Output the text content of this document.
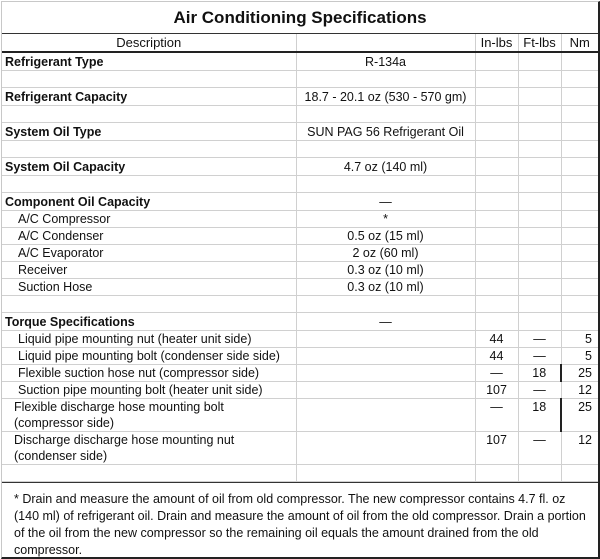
Air Conditioning Specifications
Description		In-lbs	Ft-lbs	Nm
Refrigerant Type	R-134a			

Refrigerant Capacity	18.7 - 20.1 oz (530 - 570 gm)			

System Oil Type	SUN PAG 56 Refrigerant Oil			

System Oil Capacity	4.7 oz (140 ml)			

Component Oil Capacity	—			
A/C Compressor	*			
A/C Condenser	0.5 oz (15 ml)			
A/C Evaporator	2 oz (60 ml)			
Receiver	0.3 oz (10 ml)			
Suction Hose	0.3 oz (10 ml)			

Torque Specifications	—			
Liquid pipe mounting nut (heater unit side)		44	—	5
Liquid pipe mounting bolt (condenser side side)		44	—	5
Flexible suction hose nut (compressor side)		—	18	25
Suction pipe mounting bolt (heater unit side)		107	—	12
Flexible discharge hose mounting bolt (compressor side)		—	18	25
Discharge discharge hose mounting nut (condenser side)		107	—	12

* Drain and measure the amount of oil from old compressor. The new compressor contains 4.7 fl. oz (140 ml) of refrigerant oil. Drain and measure the amount of oil from the old compressor. Drain a portion of the oil from the new compressor so the remaining oil equals the amount drained from the old compressor.
